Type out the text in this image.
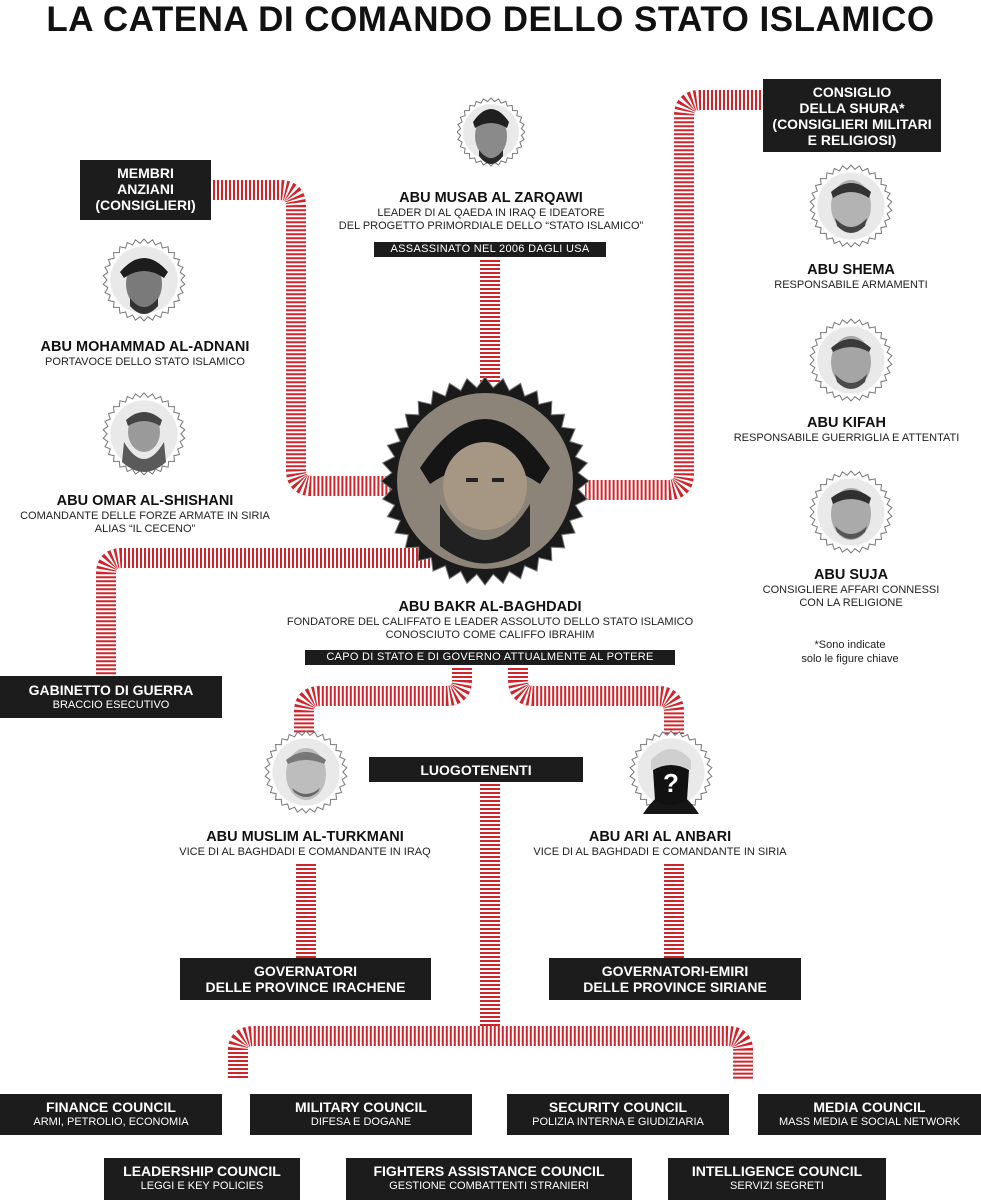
LA CATENA DI COMANDO DELLO STATO ISLAMICO
?
MEMBRI
ANZIANI
(CONSIGLIERI)
CONSIGLIO
DELLA SHURA*
(CONSIGLIERI MILITARI
E RELIGIOSI)
GABINETTO DI GUERRA
BRACCIO ESECUTIVO
LUOGOTENENTI
GOVERNATORI
DELLE PROVINCE IRACHENE
GOVERNATORI-EMIRI
DELLE PROVINCE SIRIANE
ABU MUSAB AL ZARQAWI
LEADER DI AL QAEDA IN IRAQ E IDEATORE
DEL PROGETTO PRIMORDIALE DELLO “STATO ISLAMICO”
ASSASSINATO NEL 2006 DAGLI USA
ABU MOHAMMAD AL-ADNANI
PORTAVOCE DELLO STATO ISLAMICO
ABU OMAR AL-SHISHANI
COMANDANTE DELLE FORZE ARMATE IN SIRIA
ALIAS “IL CECENO”
ABU SHEMA
RESPONSABILE ARMAMENTI
ABU KIFAH
RESPONSABILE GUERRIGLIA E ATTENTATI
ABU SUJA
CONSIGLIERE AFFARI CONNESSI
CON LA RELIGIONE
ABU BAKR AL-BAGHDADI
FONDATORE DEL CALIFFATO E LEADER ASSOLUTO DELLO STATO ISLAMICO
CONOSCIUTO COME CALIFFO IBRAHIM
CAPO DI STATO E DI GOVERNO ATTUALMENTE AL POTERE
ABU MUSLIM AL-TURKMANI
VICE DI AL BAGHDADI E COMANDANTE IN IRAQ
ABU ARI AL ANBARI
VICE DI AL BAGHDADI E COMANDANTE IN SIRIA
*Sono indicate
solo le figure chiave
FINANCE COUNCIL
ARMI, PETROLIO, ECONOMIA
MILITARY COUNCIL
DIFESA E DOGANE
SECURITY COUNCIL
POLIZIA INTERNA E GIUDIZIARIA
MEDIA COUNCIL
MASS MEDIA E SOCIAL NETWORK
LEADERSHIP COUNCIL
LEGGI E KEY POLICIES
FIGHTERS ASSISTANCE COUNCIL
GESTIONE COMBATTENTI STRANIERI
INTELLIGENCE COUNCIL
SERVIZI SEGRETI
